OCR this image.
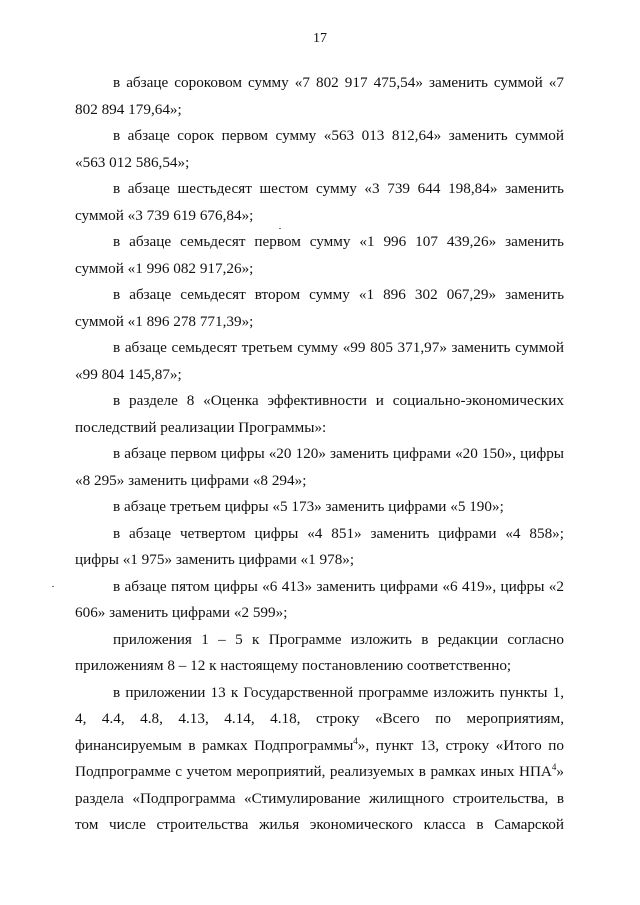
17

в абзаце сороковом сумму «7 802 917 475,54» заменить суммой «7 802 894 179,64»;

в абзаце сорок первом сумму «563 013 812,64» заменить суммой «563 012 586,54»;

в абзаце шестьдесят шестом сумму «3 739 644 198,84» заменить суммой «3 739 619 676,84»;

в абзаце семьдесят первом сумму «1 996 107 439,26» заменить суммой «1 996 082 917,26»;

в абзаце семьдесят втором сумму «1 896 302 067,29» заменить суммой «1 896 278 771,39»;

в абзаце семьдесят третьем сумму «99 805 371,97» заменить суммой «99 804 145,87»;

в разделе 8 «Оценка эффективности и социально-экономических последствий реализации Программы»:

в абзаце первом цифры «20 120» заменить цифрами «20 150», цифры «8 295» заменить цифрами «8 294»;

в абзаце третьем цифры «5 173» заменить цифрами «5 190»;

в абзаце четвертом цифры «4 851» заменить цифрами «4 858»; цифры «1 975» заменить цифрами «1 978»;

в абзаце пятом цифры «6 413» заменить цифрами «6 419», цифры «2 606» заменить цифрами «2 599»;

приложения 1 – 5 к Программе изложить в редакции согласно приложениям 8 – 12 к настоящему постановлению соответственно;

в приложении 13 к Государственной программе изложить пункты 1, 4, 4.4, 4.8, 4.13, 4.14, 4.18, строку «Всего по мероприятиям, финансируемым в рамках Подпрограммы$^4$», пункт 13, строку «Итого по Подпрограмме с учетом мероприятий, реализуемых в рамках иных НПА$^4$» раздела «Подпрограмма «Стимулирование жилищного строительства, в том числе строительства жилья экономического класса в Самарской
